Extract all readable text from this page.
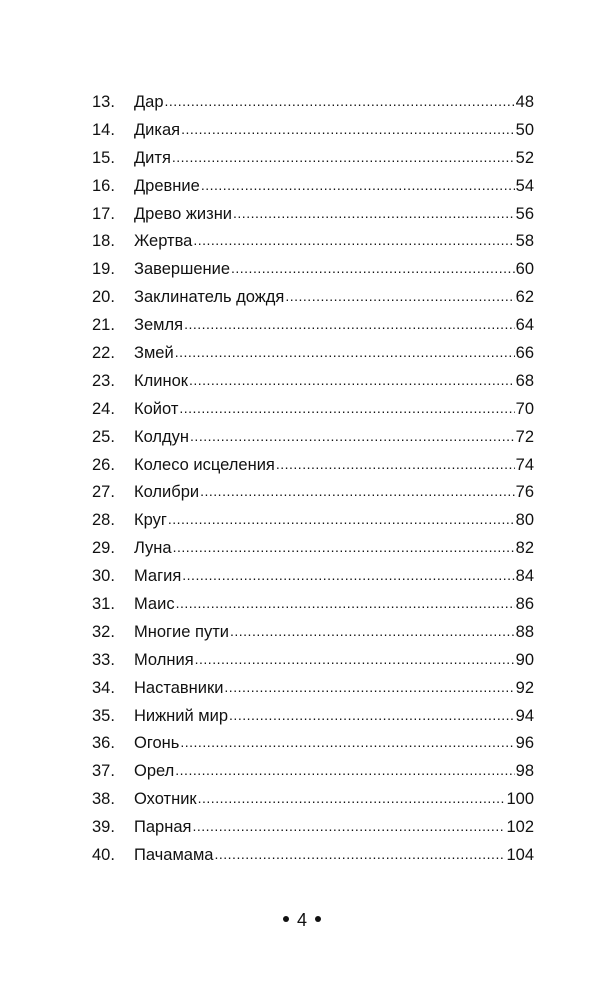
13.	Дар .....	48
14.	Дикая .....	50
15.	Дитя .....	52
16.	Древние .....	54
17.	Древо жизни .....	56
18.	Жертва .....	58
19.	Завершение .....	60
20.	Заклинатель дождя .....	62
21.	Земля .....	64
22.	Змей .....	66
23.	Клинок .....	68
24.	Койот .....	70
25.	Колдун .....	72
26.	Колесо исцеления .....	74
27.	Колибри .....	76
28.	Круг .....	80
29.	Луна .....	82
30.	Магия .....	84
31.	Маис .....	86
32.	Многие пути .....	88
33.	Молния .....	90
34.	Наставники .....	92
35.	Нижний мир .....	94
36.	Огонь .....	96
37.	Орел .....	98
38.	Охотник .....	100
39.	Парная .....	102
40.	Пачамама .....	104
4
